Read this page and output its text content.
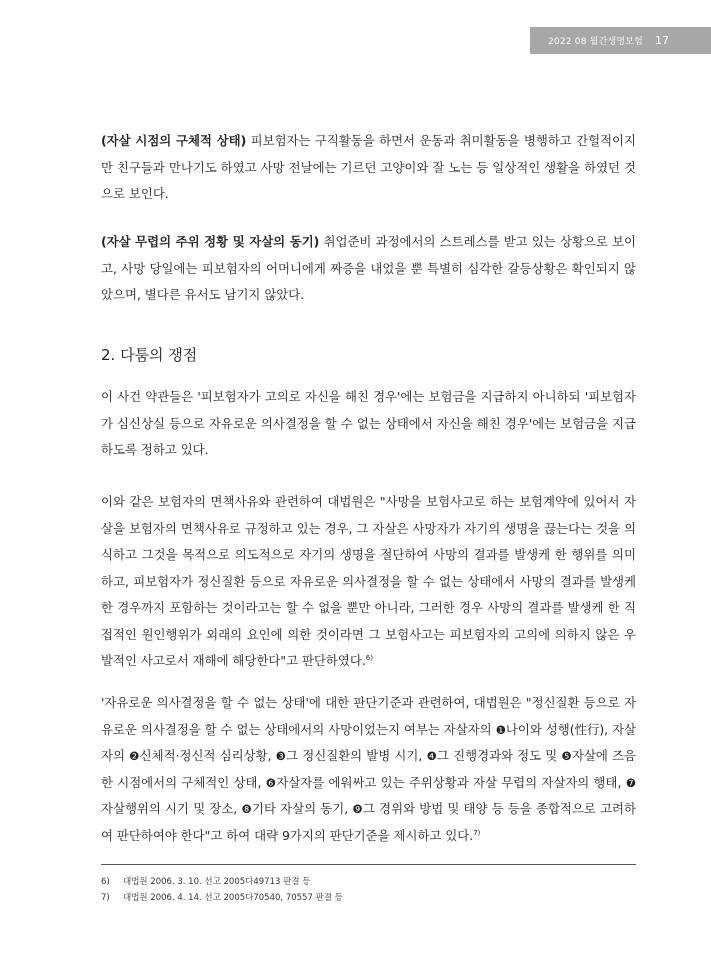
2022 08 월간생명보험 17

(자살 시점의 구체적 상태) 피보험자는 구직활동을 하면서 운동과 취미활동을 병행하고 간헐적이지만 친구들과 만나기도 하였고 사망 전날에는 기르던 고양이와 잘 노는 등 일상적인 생활을 하였던 것으로 보인다.

(자살 무렵의 주위 정황 및 자살의 동기) 취업준비 과정에서의 스트레스를 받고 있는 상황으로 보이고, 사망 당일에는 피보험자의 어머니에게 짜증을 내었을 뿐 특별히 심각한 갈등상황은 확인되지 않았으며, 별다른 유서도 남기지 않았다.

2. 다툼의 쟁점

이 사건 약관들은 '피보험자가 고의로 자신을 해친 경우'에는 보험금을 지급하지 아니하되 '피보험자가 심신상실 등으로 자유로운 의사결정을 할 수 없는 상태에서 자신을 해친 경우'에는 보험금을 지급하도록 정하고 있다.

이와 같은 보험자의 면책사유와 관련하여 대법원은 "사망을 보험사고로 하는 보험계약에 있어서 자살을 보험자의 면책사유로 규정하고 있는 경우, 그 자살은 사망자가 자기의 생명을 끊는다는 것을 의식하고 그것을 목적으로 의도적으로 자기의 생명을 절단하여 사망의 결과를 발생케 한 행위를 의미하고, 피보험자가 정신질환 등으로 자유로운 의사결정을 할 수 없는 상태에서 사망의 결과를 발생케 한 경우까지 포함하는 것이라고는 할 수 없을 뿐만 아니라, 그러한 경우 사망의 결과를 발생케 한 직접적인 원인행위가 외래의 요인에 의한 것이라면 그 보험사고는 피보험자의 고의에 의하지 않은 우발적인 사고로서 재해에 해당한다"고 판단하였다.$^{6)}$

'자유로운 의사결정을 할 수 없는 상태'에 대한 판단기준과 관련하여, 대법원은 "정신질환 등으로 자유로운 의사결정을 할 수 없는 상태에서의 사망이었는지 여부는 자살자의 ❶나이와 성행(性行), 자살자의 ❷신체적·정신적 심리상황, ❸그 정신질환의 발병 시기, ❹그 진행경과와 정도 및 ❺자살에 즈음한 시점에서의 구체적인 상태, ❻자살자를 에워싸고 있는 주위상황과 자살 무렵의 자살자의 행태, ❼자살행위의 시기 및 장소, ❽기타 자살의 동기, ❾그 경위와 방법 및 태양 등 등을 종합적으로 고려하여 판단하여야 한다"고 하여 대략 9가지의 판단기준을 제시하고 있다.$^{7)}$

6) 대법원 2006. 3. 10. 선고 2005다49713 판결 등
7) 대법원 2006. 4. 14. 선고 2005다70540, 70557 판결 등
